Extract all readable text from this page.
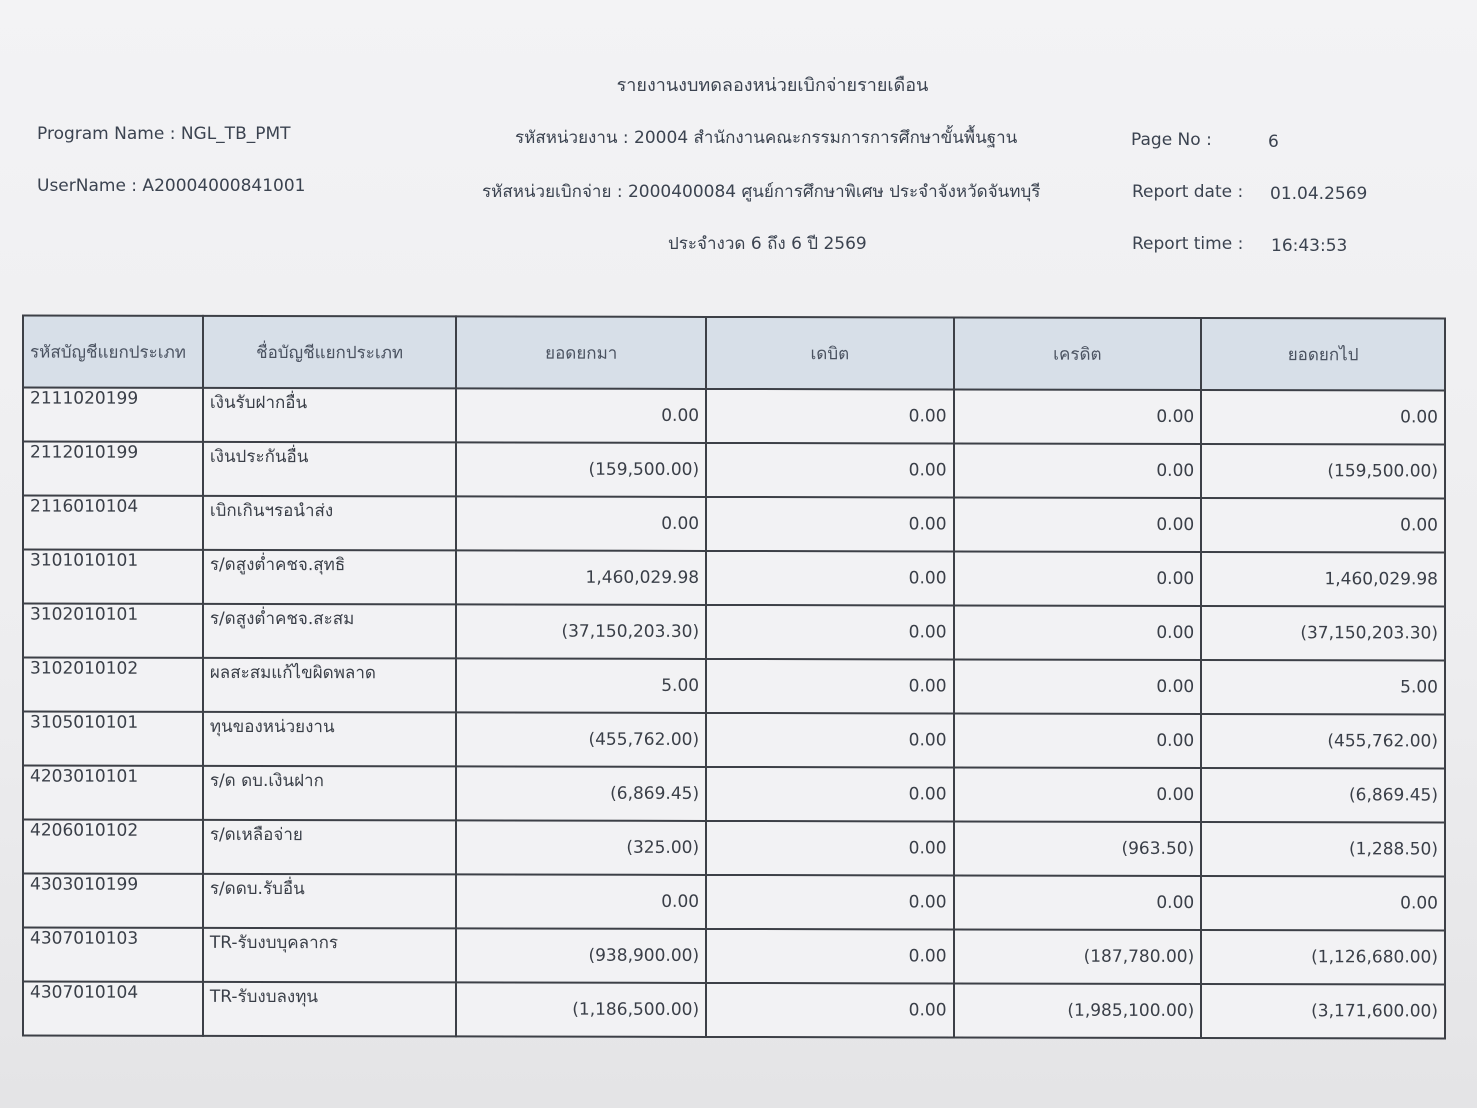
รายงานงบทดลองหน่วยเบิกจ่ายรายเดือน
Program Name : NGL_TB_PMT
UserName : A20004000841001
รหัสหน่วยงาน : 20004 สำนักงานคณะกรรมการการศึกษาขั้นพื้นฐาน
รหัสหน่วยเบิกจ่าย : 2000400084 ศูนย์การศึกษาพิเศษ ประจำจังหวัดจันทบุรี
ประจำงวด 6 ถึง 6 ปี 2569
Page No :	6
Report date : 01.04.2569
Report time : 16:43:53
รหัสบัญชีแยกประเภท	ชื่อบัญชีแยกประเภท	ยอดยกมา	เดบิต	เครดิต	ยอดยกไป
2111020199	เงินรับฝากอื่น	0.00	0.00	0.00	0.00
2112010199	เงินประกันอื่น	(159,500.00)	0.00	0.00	(159,500.00)
2116010104	เบิกเกินฯรอนำส่ง	0.00	0.00	0.00	0.00
3101010101	ร/ดสูงต่ำคชจ.สุทธิ	1,460,029.98	0.00	0.00	1,460,029.98
3102010101	ร/ดสูงต่ำคชจ.สะสม	(37,150,203.30)	0.00	0.00	(37,150,203.30)
3102010102	ผลสะสมแก้ไขผิดพลาด	5.00	0.00	0.00	5.00
3105010101	ทุนของหน่วยงาน	(455,762.00)	0.00	0.00	(455,762.00)
4203010101	ร/ด ดบ.เงินฝาก	(6,869.45)	0.00	0.00	(6,869.45)
4206010102	ร/ดเหลือจ่าย	(325.00)	0.00	(963.50)	(1,288.50)
4303010199	ร/ดดบ.รับอื่น	0.00	0.00	0.00	0.00
4307010103	TR-รับงบบุคลากร	(938,900.00)	0.00	(187,780.00)	(1,126,680.00)
4307010104	TR-รับงบลงทุน	(1,186,500.00)	0.00	(1,985,100.00)	(3,171,600.00)
